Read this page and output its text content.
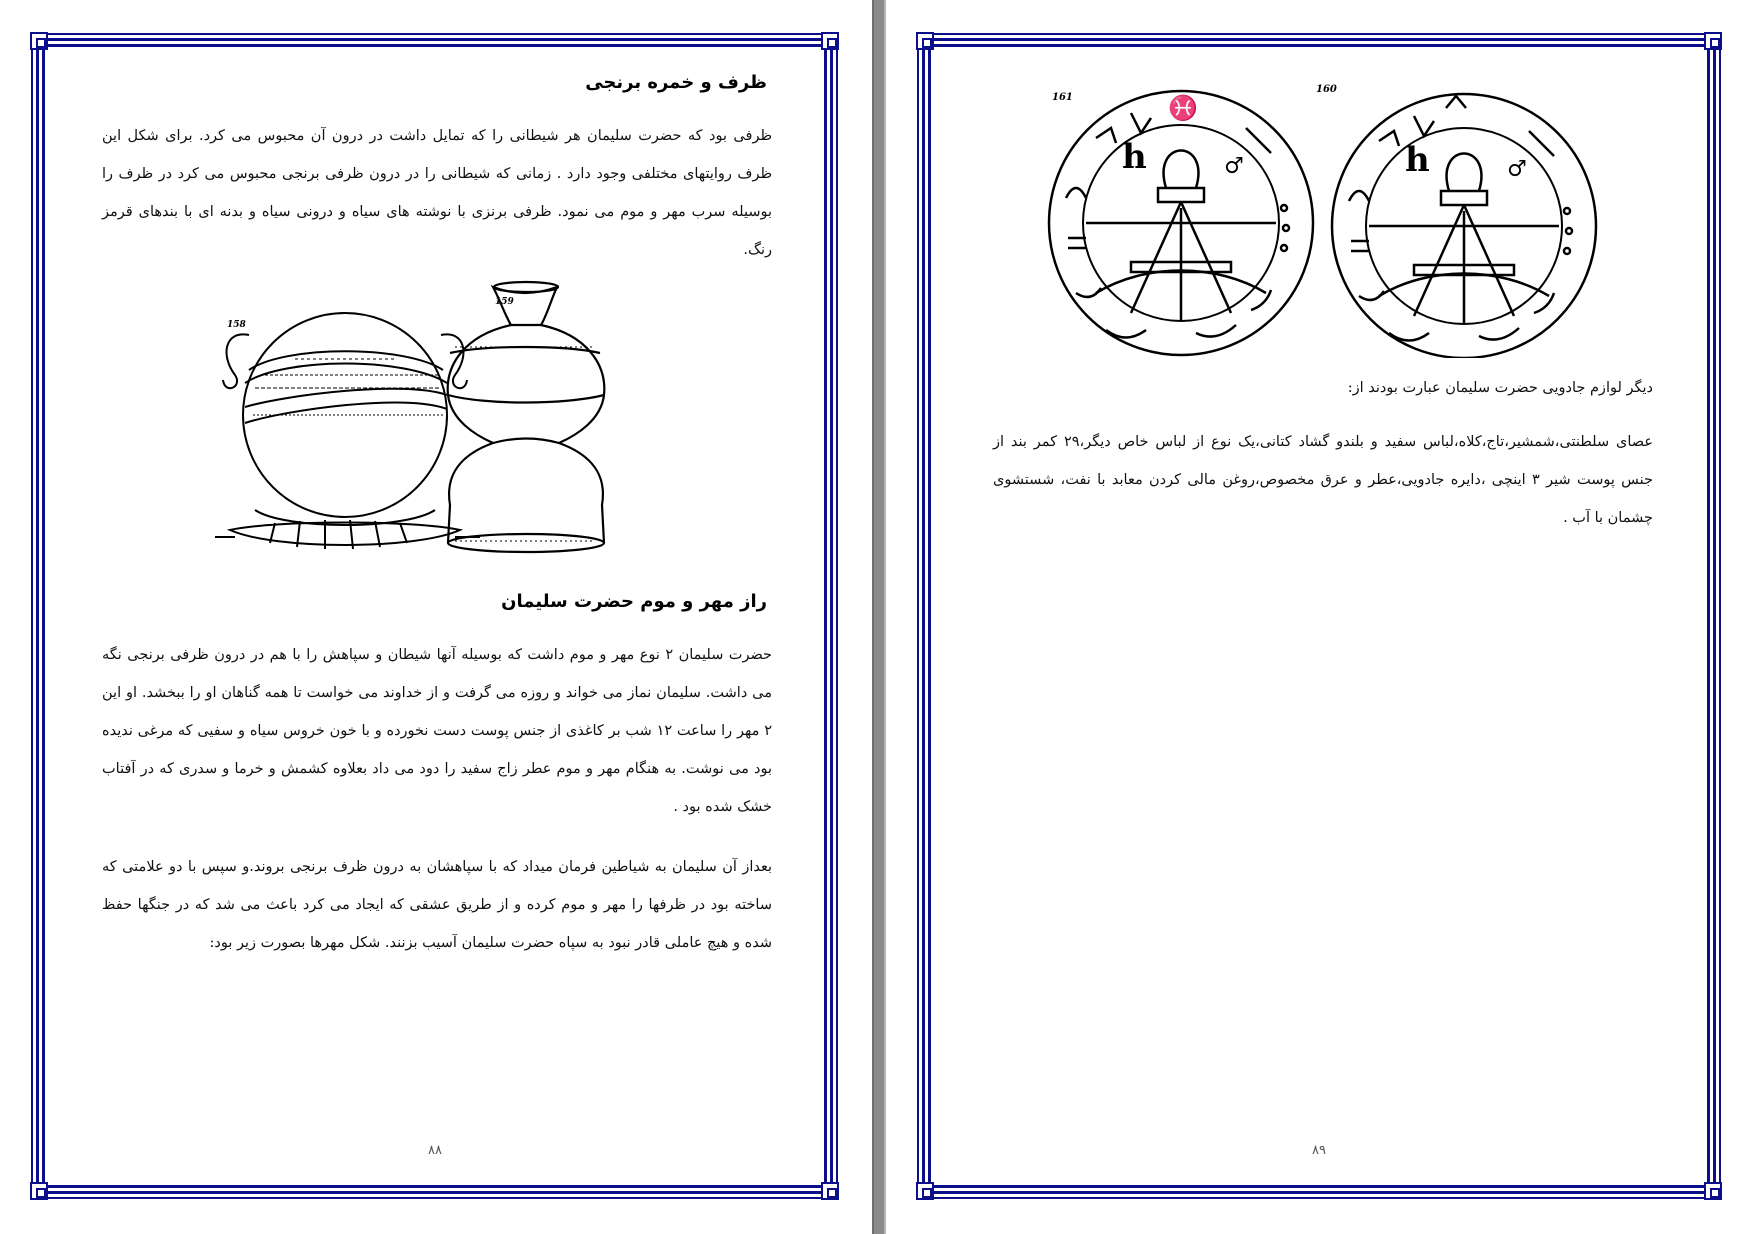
ظرف و خمره برنجی

ظرفی بود که حضرت سلیمان هر شیطانی را که تمایل داشت در درون آن محبوس می کرد. برای شکل این ظرف روایتهای مختلفی وجود دارد . زمانی که شیطانی را در درون ظرفی برنجی محبوس می کرد در ظرف را بوسیله سرب مهر و موم می نمود. ظرفی برنزی با نوشته های سیاه و درونی سیاه و بدنه ای با بندهای قرمز رنگ.

158
159
راز مهر و موم حضرت سلیمان

حضرت سلیمان ۲ نوع مهر و موم داشت که بوسیله آنها شیطان و سپاهش را با هم در درون ظرفی برنجی نگه می داشت. سلیمان نماز می خواند و روزه می گرفت و از خداوند می خواست تا همه گناهان او را ببخشد. او این ۲ مهر را ساعت ۱۲ شب بر کاغذی از جنس پوست دست نخورده و با خون خروس سیاه و سفیی که مرغی ندیده بود می نوشت. به هنگام مهر و موم عطر زاج سفید را دود می داد بعلاوه کشمش و خرما و سدری که در آفتاب خشک شده بود .

بعداز آن سلیمان به شیاطین فرمان میداد که با سپاهشان به درون ظرف برنجی بروند.و سپس با دو علامتی که ساخته بود در ظرفها را مهر و موم کرده و از طریق عشقی که ایجاد می کرد باعث می شد که در جنگها حفظ شده و هیچ عاملی قادر نبود به سپاه حضرت سلیمان آسیب بزنند. شکل مهرها بصورت زیر بود:

۸۸
161
h	♂
♓
160
h	♂

دیگر لوازم جادویی حضرت سلیمان عبارت بودند از:

عصای سلطنتی،شمشیر،تاج،کلاه،لباس سفید و بلندو گشاد کتانی،یک نوع از لباس خاص دیگر،۲۹ کمر بند از جنس پوست شیر ۳ اینچی ،دایره جادویی،عطر و عرق مخصوص،روغن مالی کردن معابد با نفت، شستشوی چشمان با آب .

۸۹
